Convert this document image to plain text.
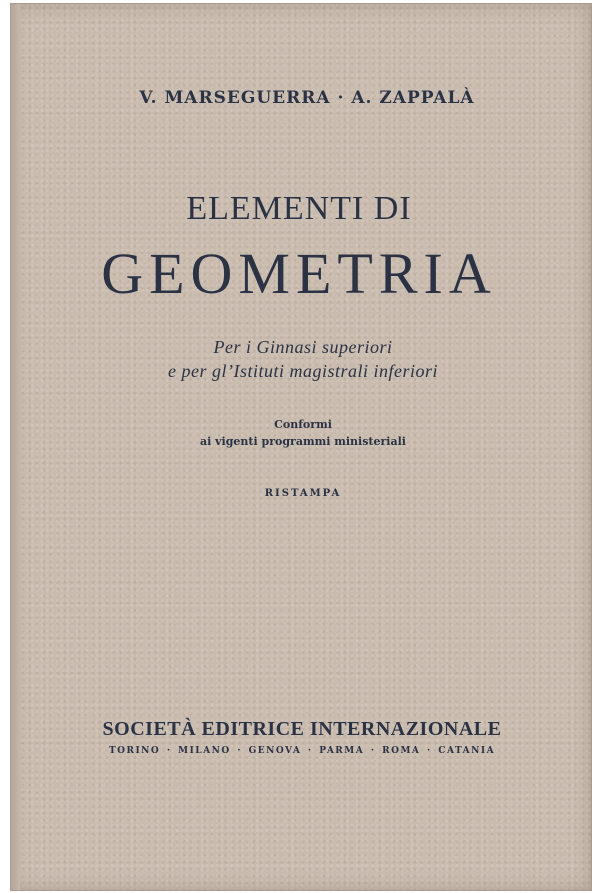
V. MARSEGUERRA · A. ZAPPALÀ

ELEMENTI DI
GEOMETRIA

Per i Ginnasi superiori

e per gl’Istituti magistrali inferiori

Conformi

ai vigenti programmi ministeriali

RISTAMPA

SOCIETÀ EDITRICE INTERNAZIONALE

TORINO · MILANO · GENOVA · PARMA · ROMA · CATANIA
